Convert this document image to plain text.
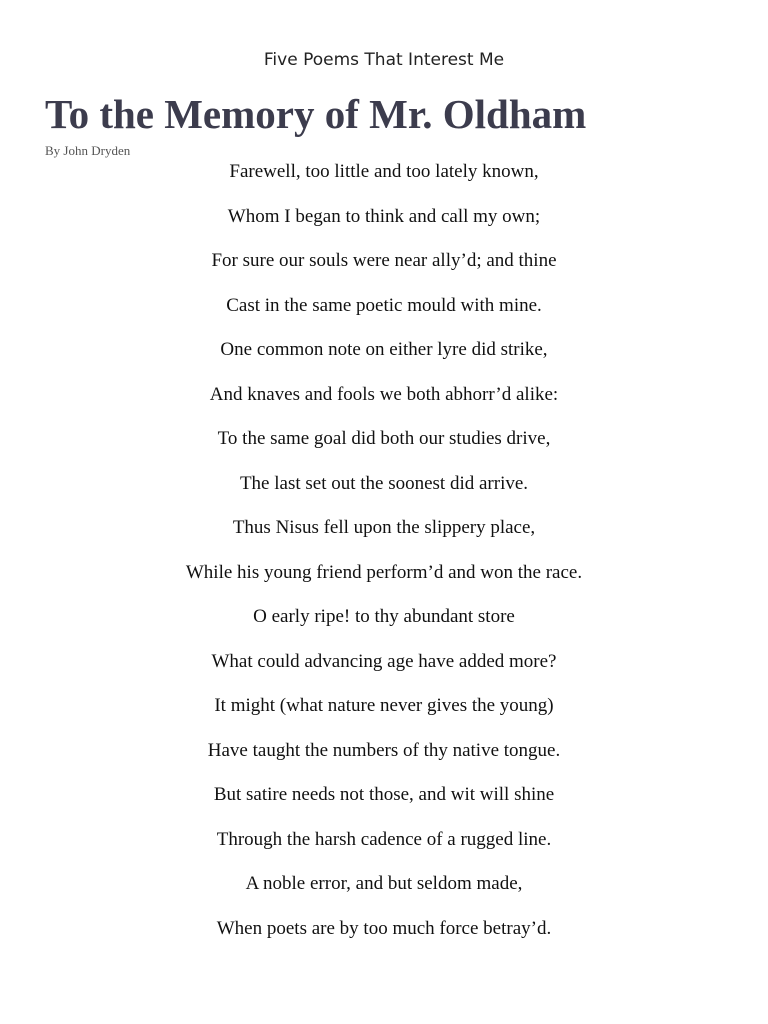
Five Poems That Interest Me
To the Memory of Mr. Oldham
By John Dryden
Farewell, too little and too lately known,
Whom I began to think and call my own;
For sure our souls were near ally’d; and thine
Cast in the same poetic mould with mine.
One common note on either lyre did strike,
And knaves and fools we both abhorr’d alike:
To the same goal did both our studies drive,
The last set out the soonest did arrive.
Thus Nisus fell upon the slippery place,
While his young friend perform’d and won the race.
O early ripe! to thy abundant store
What could advancing age have added more?
It might (what nature never gives the young)
Have taught the numbers of thy native tongue.
But satire needs not those, and wit will shine
Through the harsh cadence of a rugged line.
A noble error, and but seldom made,
When poets are by too much force betray’d.
